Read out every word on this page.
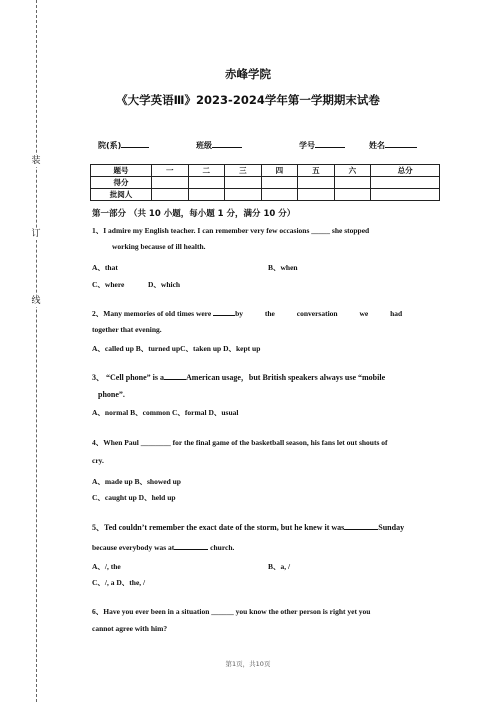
装
订
线
赤峰学院
《大学英语Ⅲ》2023-2024学年第一学期期末试卷
院(系)	班级	学号	姓名
题号	一	二	三	四	五	六	总分
得分							
批阅人							
第一部分 （共 10 小题，每小题 1 分，满分 10 分）
1、I admire my English teacher. I can remember very few occasions _____ she stopped
working because of ill health.
A、that	B、when
C、where	D、which
2、Many memories of old times were	by the conversation we had
together that evening.
A、called up B、turned upC、taken up D、kept up
3、 “Cell phone” is a	American usage，but British speakers always use “mobile
phone”.
A、normal B、common C、formal D、usual
4、When Paul ________ for the final game of the basketball season, his fans let out shouts of
cry.
A、made up B、showed up
C、caught up D、held up
5、Ted couldn’t remember the exact date of the storm, but he knew it was	Sunday
because everybody was at	church.
A、/, the	B、a, /
C、/, a D、the, /
6、Have you ever been in a situation ______ you know the other person is right yet you
cannot agree with him?
第1页，共10页
